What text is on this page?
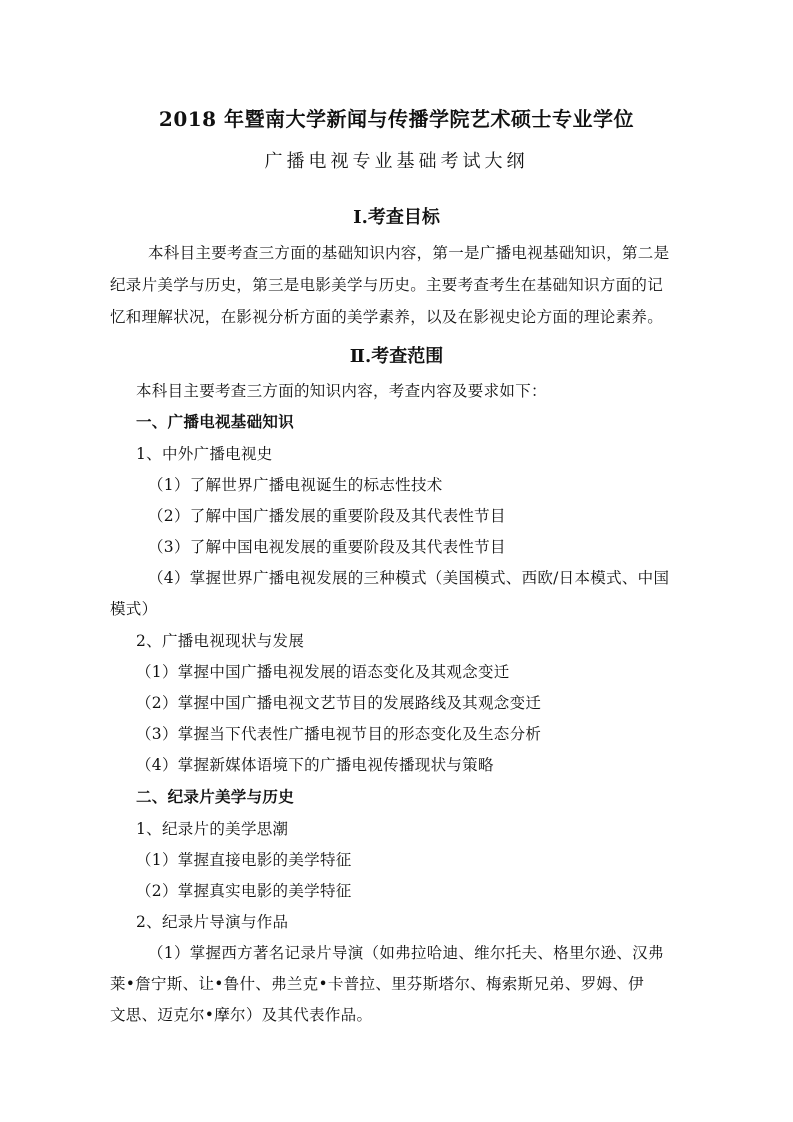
2018 年暨南大学新闻与传播学院艺术硕士专业学位
广播电视专业基础考试大纲
Ⅰ.考查目标
本科目主要考查三方面的基础知识内容，第一是广播电视基础知识，第二是
纪录片美学与历史，第三是电影美学与历史。主要考查考生在基础知识方面的记
忆和理解状况，在影视分析方面的美学素养，以及在影视史论方面的理论素养。
Ⅱ.考查范围
本科目主要考查三方面的知识内容，考查内容及要求如下：
一、广播电视基础知识
1、中外广播电视史
（1）了解世界广播电视诞生的标志性技术
（2）了解中国广播发展的重要阶段及其代表性节目
（3）了解中国电视发展的重要阶段及其代表性节目
（4）掌握世界广播电视发展的三种模式（美国模式、西欧/日本模式、中国
模式）
2、广播电视现状与发展
（1）掌握中国广播电视发展的语态变化及其观念变迁
（2）掌握中国广播电视文艺节目的发展路线及其观念变迁
（3）掌握当下代表性广播电视节目的形态变化及生态分析
（4）掌握新媒体语境下的广播电视传播现状与策略
二、纪录片美学与历史
1、纪录片的美学思潮
（1）掌握直接电影的美学特征
（2）掌握真实电影的美学特征
2、纪录片导演与作品
（1）掌握西方著名记录片导演（如弗拉哈迪、维尔托夫、格里尔逊、汉弗
莱•詹宁斯、让•鲁什、弗兰克•卡普拉、里芬斯塔尔、梅索斯兄弟、罗姆、伊
文思、迈克尔•摩尔）及其代表作品。
